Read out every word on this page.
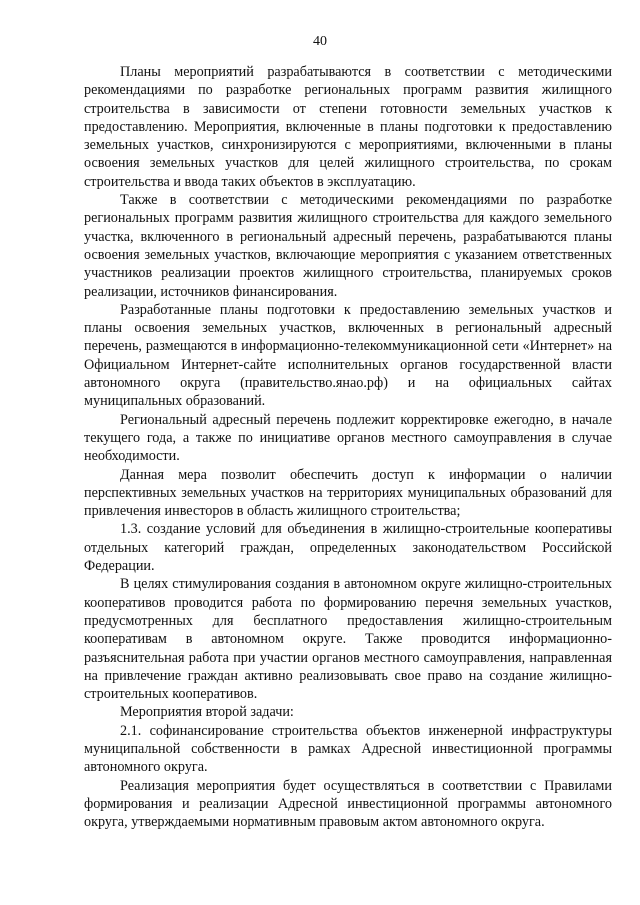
40

Планы мероприятий разрабатываются в соответствии с методическими рекомендациями по разработке региональных программ развития жилищного строительства в зависимости от степени готовности земельных участков к предоставлению. Мероприятия, включенные в планы подготовки к предоставлению земельных участков, синхронизируются с мероприятиями, включенными в планы освоения земельных участков для целей жилищного строительства, по срокам строительства и ввода таких объектов в эксплуатацию.

Также в соответствии с методическими рекомендациями по разработке региональных программ развития жилищного строительства для каждого земельного участка, включенного в региональный адресный перечень, разрабатываются планы освоения земельных участков, включающие мероприятия с указанием ответственных участников реализации проектов жилищного строительства, планируемых сроков реализации, источников финансирования.

Разработанные планы подготовки к предоставлению земельных участков и планы освоения земельных участков, включенных в региональный адресный перечень, размещаются в информационно-телекоммуникационной сети «Интернет» на Официальном Интернет-сайте исполнительных органов государственной власти автономного округа (правительство.янао.рф) и на официальных сайтах муниципальных образований.

Региональный адресный перечень подлежит корректировке ежегодно, в начале текущего года, а также по инициативе органов местного самоуправления в случае необходимости.

Данная мера позволит обеспечить доступ к информации о наличии перспективных земельных участков на территориях муниципальных образований для привлечения инвесторов в область жилищного строительства;

1.3. создание условий для объединения в жилищно-строительные кооперативы отдельных категорий граждан, определенных законодательством Российской Федерации.

В целях стимулирования создания в автономном округе жилищно-строительных кооперативов проводится работа по формированию перечня земельных участков, предусмотренных для бесплатного предоставления жилищно-строительным кооперативам в автономном округе. Также проводится информационно-разъяснительная работа при участии органов местного самоуправления, направленная на привлечение граждан активно реализовывать свое право на создание жилищно-строительных кооперативов.

Мероприятия второй задачи:

2.1. софинансирование строительства объектов инженерной инфраструктуры муниципальной собственности в рамках Адресной инвестиционной программы автономного округа.

Реализация мероприятия будет осуществляться в соответствии с Правилами формирования и реализации Адресной инвестиционной программы автономного округа, утверждаемыми нормативным правовым актом автономного округа.
